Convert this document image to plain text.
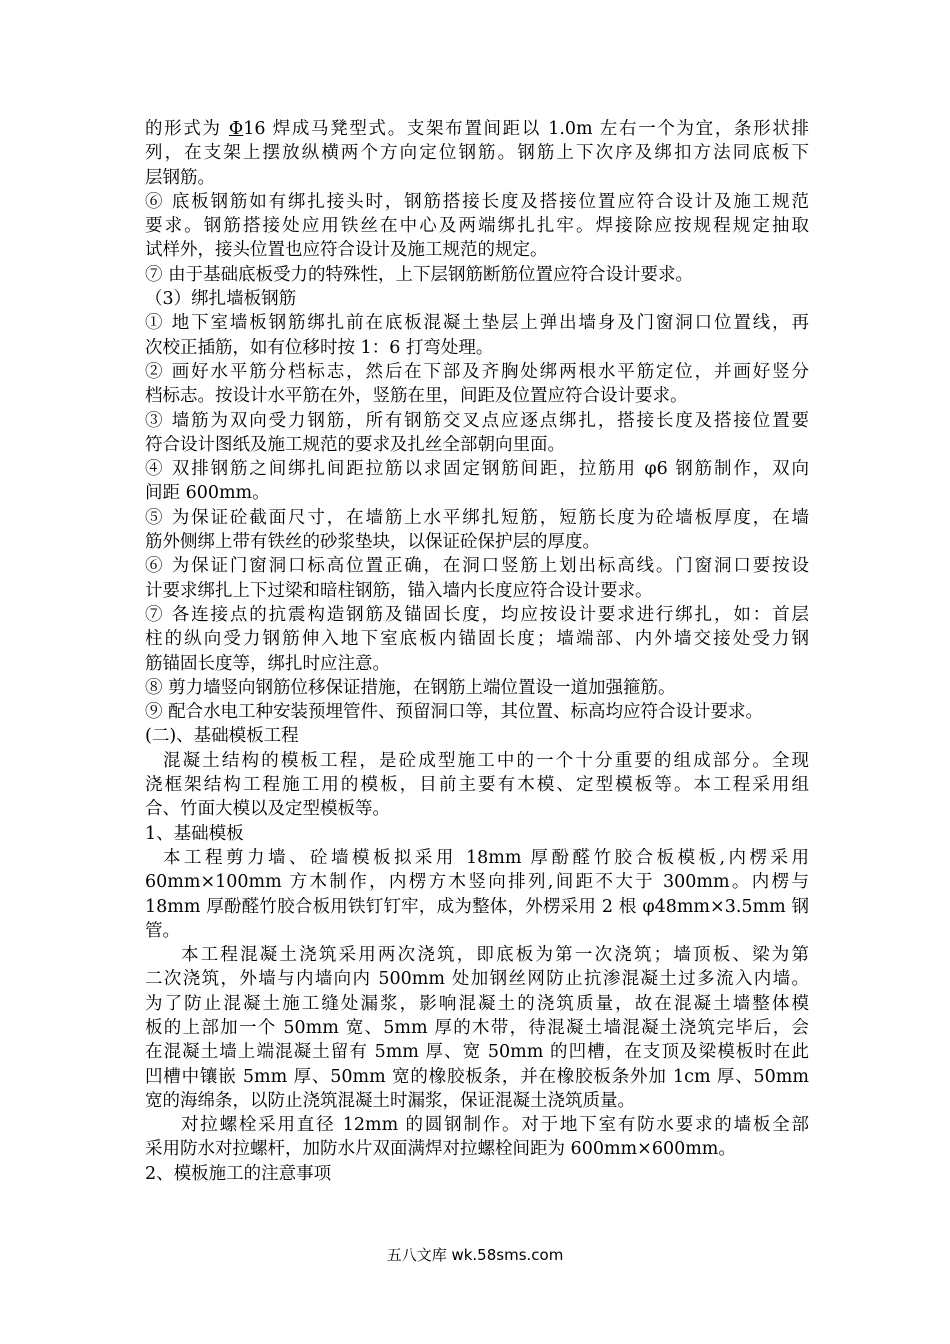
的形式为 Φ16 焊成马凳型式。支架布置间距以 1.0m 左右一个为宜，条形状排
列，在支架上摆放纵横两个方向定位钢筋。钢筋上下次序及绑扣方法同底板下
层钢筋。
⑥ 底板钢筋如有绑扎接头时，钢筋搭接长度及搭接位置应符合设计及施工规范
要求。钢筋搭接处应用铁丝在中心及两端绑扎扎牢。焊接除应按规程规定抽取
试样外，接头位置也应符合设计及施工规范的规定。
⑦ 由于基础底板受力的特殊性，上下层钢筋断筋位置应符合设计要求。
（3）绑扎墙板钢筋
① 地下室墙板钢筋绑扎前在底板混凝土垫层上弹出墙身及门窗洞口位置线，再
次校正插筋，如有位移时按 1：6 打弯处理。
② 画好水平筋分档标志，然后在下部及齐胸处绑两根水平筋定位，并画好竖分
档标志。按设计水平筋在外，竖筋在里，间距及位置应符合设计要求。
③ 墙筋为双向受力钢筋，所有钢筋交叉点应逐点绑扎，搭接长度及搭接位置要
符合设计图纸及施工规范的要求及扎丝全部朝向里面。
④ 双排钢筋之间绑扎间距拉筋以求固定钢筋间距，拉筋用 φ6 钢筋制作，双向
间距 600mm。
⑤ 为保证砼截面尺寸，在墙筋上水平绑扎短筋，短筋长度为砼墙板厚度，在墙
筋外侧绑上带有铁丝的砂浆垫块，以保证砼保护层的厚度。
⑥ 为保证门窗洞口标高位置正确，在洞口竖筋上划出标高线。门窗洞口要按设
计要求绑扎上下过梁和暗柱钢筋，锚入墙内长度应符合设计要求。
⑦ 各连接点的抗震构造钢筋及锚固长度，均应按设计要求进行绑扎，如：首层
柱的纵向受力钢筋伸入地下室底板内锚固长度；墙端部、内外墙交接处受力钢
筋锚固长度等，绑扎时应注意。
⑧ 剪力墙竖向钢筋位移保证措施，在钢筋上端位置设一道加强箍筋。
⑨ 配合水电工种安装预埋管件、预留洞口等，其位置、标高均应符合设计要求。
(二)、基础模板工程
混凝土结构的模板工程，是砼成型施工中的一个十分重要的组成部分。全现
浇框架结构工程施工用的模板，目前主要有木模、定型模板等。本工程采用组
合、竹面大模以及定型模板等。
1、基础模板
本工程剪力墙、砼墙模板拟采用 18mm 厚酚醛竹胶合板模板,内楞采用
60mm×100mm 方木制作，内楞方木竖向排列,间距不大于 300mm。内楞与
18mm 厚酚醛竹胶合板用铁钉钉牢，成为整体，外楞采用 2 根 φ48mm×3.5mm 钢
管。
本工程混凝土浇筑采用两次浇筑，即底板为第一次浇筑；墙顶板、梁为第
二次浇筑，外墙与内墙向内 500mm 处加钢丝网防止抗渗混凝土过多流入内墙。
为了防止混凝土施工缝处漏浆，影响混凝土的浇筑质量，故在混凝土墙整体模
板的上部加一个 50mm 宽、5mm 厚的木带，待混凝土墙混凝土浇筑完毕后，会
在混凝土墙上端混凝土留有 5mm 厚、宽 50mm 的凹槽，在支顶及梁模板时在此
凹槽中镶嵌 5mm 厚、50mm 宽的橡胶板条，并在橡胶板条外加 1cm 厚、50mm
宽的海绵条，以防止浇筑混凝土时漏浆，保证混凝土浇筑质量。
对拉螺栓采用直径 12mm 的圆钢制作。对于地下室有防水要求的墙板全部
采用防水对拉螺杆，加防水片双面满焊对拉螺栓间距为 600mm×600mm。
2、模板施工的注意事项
五八文库 wk.58sms.com
